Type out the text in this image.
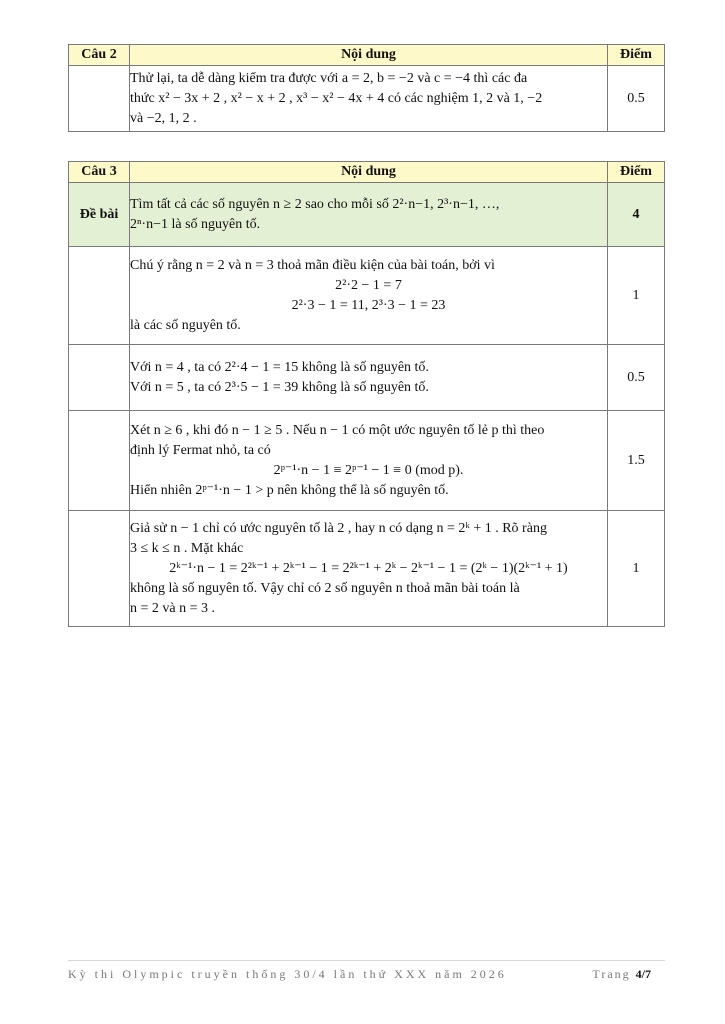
Câu 2	Nội dung	Điểm

	Thử lại, ta dễ dàng kiểm tra được với a = 2, b = −2 và c = −4 thì các đa
thức x² − 3x + 2 , x² − x + 2 , x³ − x² − 4x + 4 có các nghiệm 1, 2 và 1, −2
và −2, 1, 2 .	0.5
Câu 3	Nội dung	Điểm
Đề bài	Tìm tất cả các số nguyên n ≥ 2 sao cho mỗi số 2²·n−1, 2³·n−1, …,
2ⁿ·n−1 là số nguyên tố.	4

	Chú ý rằng n = 2 và n = 3 thoả mãn điều kiện của bài toán, bởi vì
2²·2 − 1 = 7
2²·3 − 1 = 11, 2³·3 − 1 = 23
là các số nguyên tố.	1

	Với n = 4 , ta có 2²·4 − 1 = 15 không là số nguyên tố.
Với n = 5 , ta có 2³·5 − 1 = 39 không là số nguyên tố.	0.5

	Xét n ≥ 6 , khi đó n − 1 ≥ 5 . Nếu n − 1 có một ước nguyên tố lẻ p thì theo
định lý Fermat nhỏ, ta có
2ᵖ⁻¹·n − 1 ≡ 2ᵖ⁻¹ − 1 ≡ 0 (mod p).
Hiển nhiên 2ᵖ⁻¹·n − 1 > p nên không thể là số nguyên tố.	1.5

	Giả sử n − 1 chỉ có ước nguyên tố là 2 , hay n có dạng n = 2ᵏ + 1 . Rõ ràng
3 ≤ k ≤ n . Mặt khác
2ᵏ⁻¹·n − 1 = 2²ᵏ⁻¹ + 2ᵏ⁻¹ − 1 = 2²ᵏ⁻¹ + 2ᵏ − 2ᵏ⁻¹ − 1 = (2ᵏ − 1)(2ᵏ⁻¹ + 1)
không là số nguyên tố. Vậy chỉ có 2 số nguyên n thoả mãn bài toán là
n = 2 và n = 3 .	1
Kỳ thi Olympic truyền thống 30/4 lần thứ XXX năm 2026	Trang 4/7
